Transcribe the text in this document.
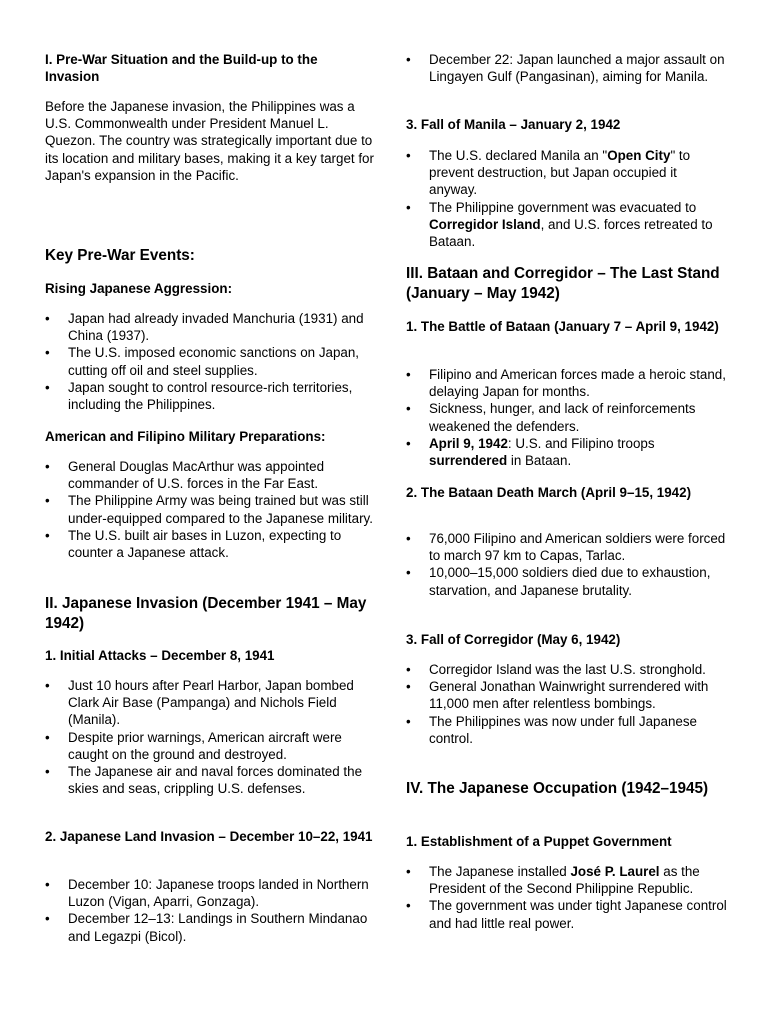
I. Pre-War Situation and the Build-up to the Invasion

Before the Japanese invasion, the Philippines was a U.S. Commonwealth under President Manuel L. Quezon. The country was strategically important due to its location and military bases, making it a key target for Japan's expansion in the Pacific.

Key Pre-War Events:
Rising Japanese Aggression:
• Japan had already invaded Manchuria (1931) and China (1937).
• The U.S. imposed economic sanctions on Japan, cutting off oil and steel supplies.
• Japan sought to control resource-rich territories, including the Philippines.
American and Filipino Military Preparations:
• General Douglas MacArthur was appointed commander of U.S. forces in the Far East.
• The Philippine Army was being trained but was still under-equipped compared to the Japanese military.
• The U.S. built air bases in Luzon, expecting to counter a Japanese attack.
II. Japanese Invasion (December 1941 – May 1942)
1. Initial Attacks – December 8, 1941
• Just 10 hours after Pearl Harbor, Japan bombed Clark Air Base (Pampanga) and Nichols Field (Manila).
• Despite prior warnings, American aircraft were caught on the ground and destroyed.
• The Japanese air and naval forces dominated the skies and seas, crippling U.S. defenses.
2. Japanese Land Invasion – December 10–22, 1941
• December 10: Japanese troops landed in Northern Luzon (Vigan, Aparri, Gonzaga).
• December 12–13: Landings in Southern Mindanao and Legazpi (Bicol).
• December 22: Japan launched a major assault on Lingayen Gulf (Pangasinan), aiming for Manila.
3. Fall of Manila – January 2, 1942
• The U.S. declared Manila an "Open City" to prevent destruction, but Japan occupied it anyway.
• The Philippine government was evacuated to Corregidor Island, and U.S. forces retreated to Bataan.
III. Bataan and Corregidor – The Last Stand (January – May 1942)
1. The Battle of Bataan (January 7 – April 9, 1942)
• Filipino and American forces made a heroic stand, delaying Japan for months.
• Sickness, hunger, and lack of reinforcements weakened the defenders.
• April 9, 1942: U.S. and Filipino troops surrendered in Bataan.
2. The Bataan Death March (April 9–15, 1942)
• 76,000 Filipino and American soldiers were forced to march 97 km to Capas, Tarlac.
• 10,000–15,000 soldiers died due to exhaustion, starvation, and Japanese brutality.
3. Fall of Corregidor (May 6, 1942)
• Corregidor Island was the last U.S. stronghold.
• General Jonathan Wainwright surrendered with 11,000 men after relentless bombings.
• The Philippines was now under full Japanese control.
IV. The Japanese Occupation (1942–1945)
1. Establishment of a Puppet Government
• The Japanese installed José P. Laurel as the President of the Second Philippine Republic.
• The government was under tight Japanese control and had little real power.
